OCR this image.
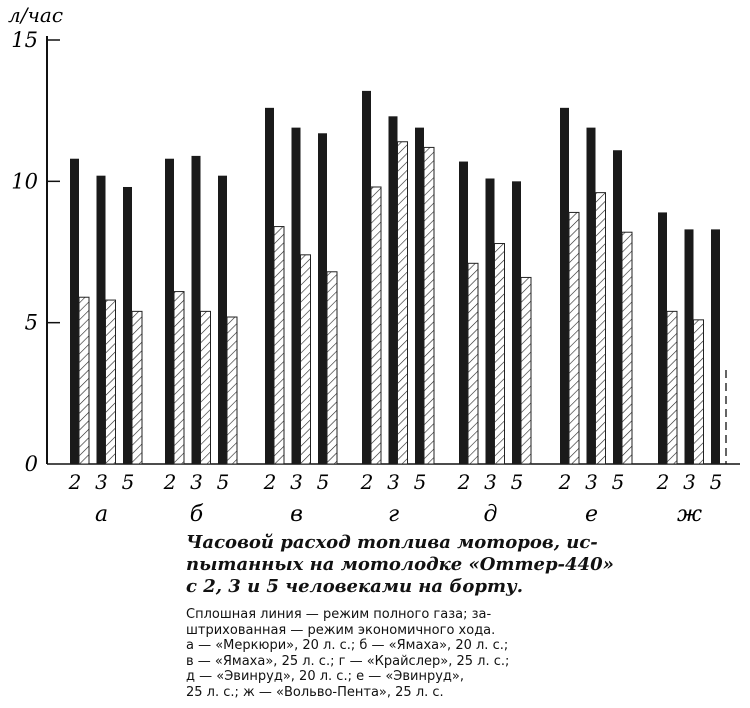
л/час
0
5
10
15
2 3 5
а
2 3 5
б
2 3 5
в
2 3 5
г
2 3 5
д
2 3 5
е
2 3 5
ж

Часовой расход топлива моторов, ис-
пытанных на мотолодке «Оттер-440»
с 2, 3 и 5 человеками на борту.

Сплошная линия — режим полного газа; за-
штрихованная — режим экономичного хода.
а — «Меркюри», 20 л. с.; б — «Ямаха», 20 л. с.;
в — «Ямаха», 25 л. с.; г — «Крайслер», 25 л. с.;
д — «Эвинруд», 20 л. с.; е — «Эвинруд»,
25 л. с.; ж — «Вольво-Пента», 25 л. с.
